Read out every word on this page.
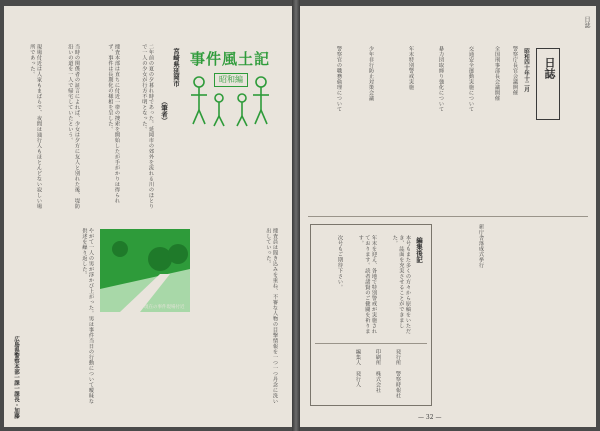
事件風土記
昭和編
宮崎県延岡市
（筆者）
二年前の夏の夕暮れ時であった。延岡市の郊外を流れる川のほとりで一人の少女が行方不明となった。
捜査本部は直ちに付近一帯の捜索を開始したが手がかりは得られず、事件は長期化の様相を呈した。
当時の関係者の証言によれば、少女は夕方に友人と別れた後、堤防沿いの道を一人で帰宅していたという。
現場付近は人家もまばらで、夜間は通行人もほとんどない寂しい場所であった。
捜査員は聞き込みを重ね、不審な人物の目撃情報を一つ一つ丹念に洗い出していった。
やがて一人の男が浮かび上がった。男は事件当日の行動について曖昧な供述を繰り返した。
現在の事件現場付近
広島県警察本部一課一課長・加藤
日誌
日誌
昭和四十年十二月
警察庁長官会議開催
全国刑事部長会議開催
交通安全運動実施について
暴力団取締り強化について
年末特別警戒実施
少年非行防止対策会議
警察官の職務倫理について
新庁舎落成式挙行
編集後記
本号もまた多くの方々から原稿をいただき、誌面を充実させることができました。
年末を迎え、各地で特別警戒が実施されております。読者諸賢のご健闘を祈ります。
次号もご期待下さい。
発行所　警察時報社
印刷所　株式会社
編集人　発行人
— 32 —
